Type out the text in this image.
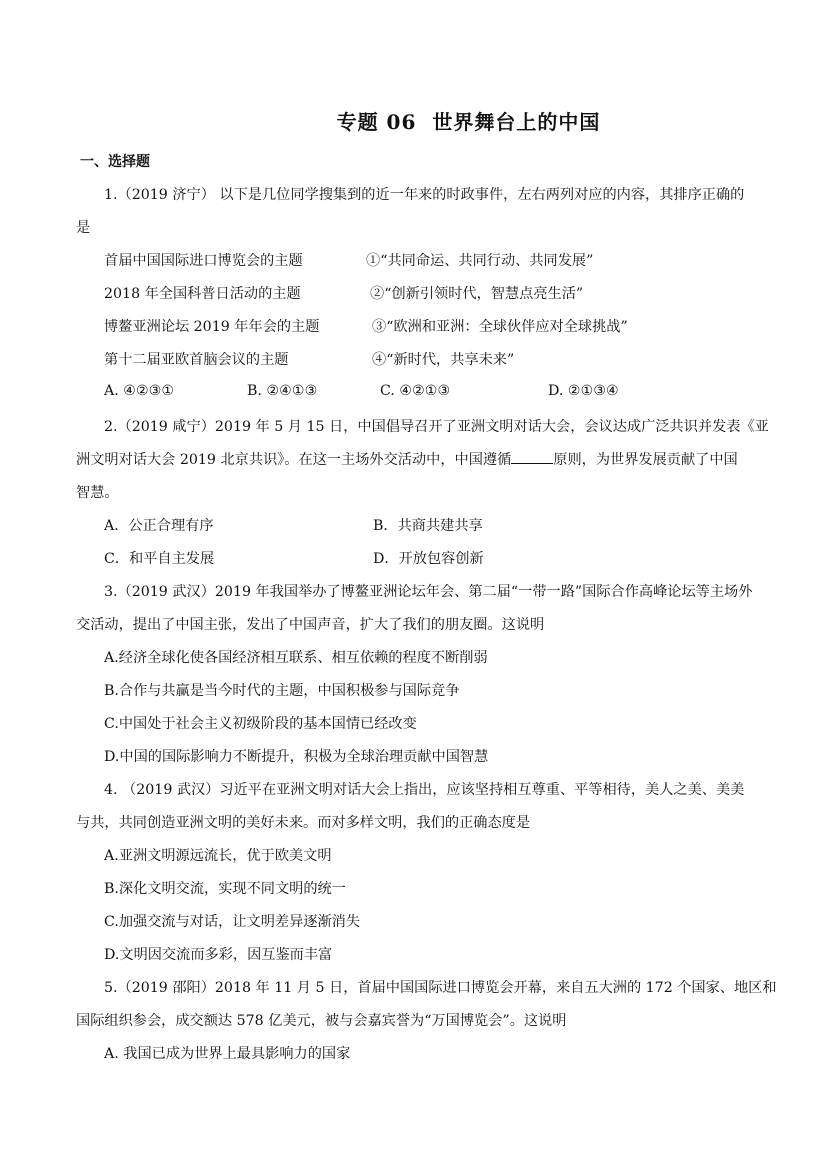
专题 06 世界舞台上的中国
一、选择题
1.（2019 济宁） 以下是几位同学搜集到的近一年来的时政事件，左右两列对应的内容，其排序正确的
是
首届中国国际进口博览会的主题	①“共同命运、共同行动、共同发展”
2018 年全国科普日活动的主题	②“创新引领时代，智慧点亮生活”
博鳌亚洲论坛 2019 年年会的主题	③“欧洲和亚洲：全球伙伴应对全球挑战”
第十二届亚欧首脑会议的主题	④“新时代，共享未来”
A. ④②③①	B. ②④①③	C. ④②①③	D. ②①③④
2.（2019 咸宁）2019 年 5 月 15 日，中国倡导召开了亚洲文明对话大会，会议达成广泛共识并发表《亚
洲文明对话大会 2019 北京共识》。在这一主场外交活动中，中国遵循	原则，为世界发展贡献了中国
智慧。
A．公正合理有序	B．共商共建共享
C．和平自主发展	D．开放包容创新
3.（2019 武汉）2019 年我国举办了博鳌亚洲论坛年会、第二届“一带一路”国际合作高峰论坛等主场外
交活动，提出了中国主张，发出了中国声音，扩大了我们的朋友圈。这说明
A.经济全球化使各国经济相互联系、相互依赖的程度不断削弱
B.合作与共赢是当今时代的主题，中国积极参与国际竞争
C.中国处于社会主义初级阶段的基本国情已经改变
D.中国的国际影响力不断提升，积极为全球治理贡献中国智慧
4. （2019 武汉）习近平在亚洲文明对话大会上指出，应该坚持相互尊重、平等相待，美人之美、美美
与共，共同创造亚洲文明的美好未来。而对多样文明，我们的正确态度是
A.亚洲文明源远流长，优于欧美文明
B.深化文明交流，实现不同文明的统一
C.加强交流与对话，让文明差异逐渐消失
D.文明因交流而多彩，因互鉴而丰富
5.（2019 邵阳）2018 年 11 月 5 日，首届中国国际进口博览会开幕，来自五大洲的 172 个国家、地区和
国际组织参会，成交额达 578 亿美元，被与会嘉宾誉为“万国博览会”。这说明
A. 我国已成为世界上最具影响力的国家
